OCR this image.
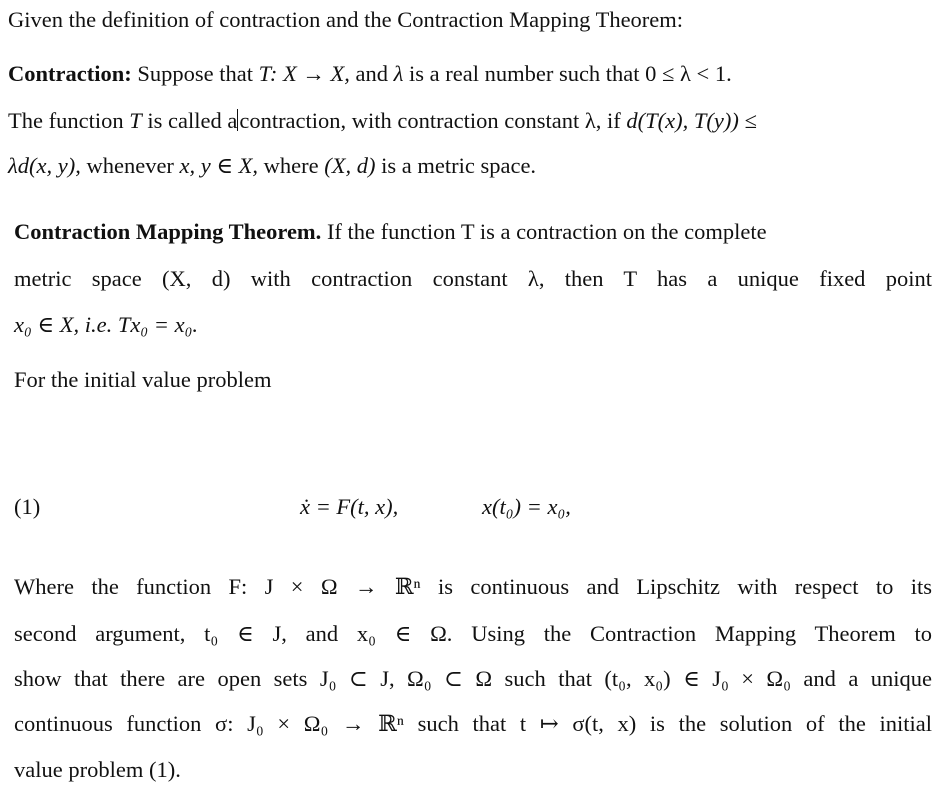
Given the definition of contraction and the Contraction Mapping Theorem:
Contraction: Suppose that T: X → X, and λ is a real number such that 0 ≤ λ < 1.
The function T is called acontraction, with contraction constant λ, if d(T(x), T(y)) ≤
λd(x, y), whenever x, y ∈ X, where (X, d) is a metric space.
Contraction Mapping Theorem. If the function T is a contraction on the complete
metric space (X, d) with contraction constant λ, then T has a unique fixed point
x₀ ∈ X, i.e. Tx₀ = x₀.
For the initial value problem
(1)	ẋ = F(t, x),	x(t₀) = x₀,
Where the function F: J × Ω → ℝⁿ is continuous and Lipschitz with respect to its
second argument, t₀ ∈ J, and x₀ ∈ Ω. Using the Contraction Mapping Theorem to
show that there are open sets J₀ ⊂ J, Ω₀ ⊂ Ω such that (t₀, x₀) ∈ J₀ × Ω₀ and a unique
continuous function σ: J₀ × Ω₀ → ℝⁿ such that t ↦ σ(t, x) is the solution of the initial
value problem (1).
